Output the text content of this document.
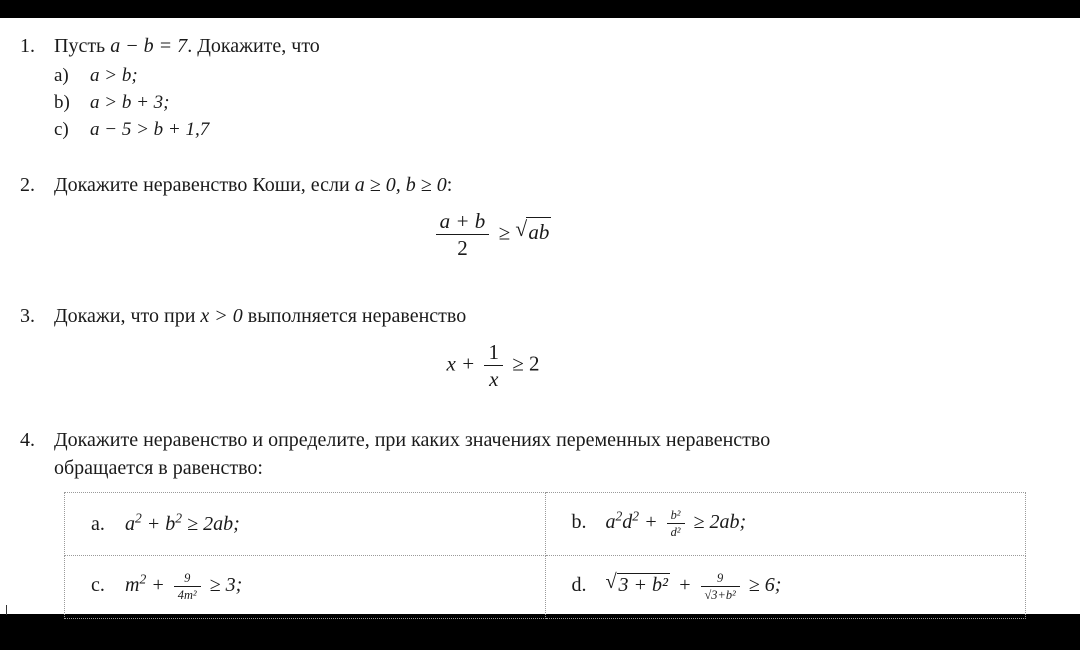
1. Пусть a − b = 7. Докажите, что
a)	a > b;
b)	a > b + 3;
c)	a − 5 > b + 1,7
2. Докажите неравенство Коши, если a ≥ 0, b ≥ 0:
$\frac{a + b}{2}$ ≥ √ ab
3. Докажи, что при x > 0 выполняется неравенство
$x + \frac{1}{x} \ge 2$
4. Докажите неравенство и определите, при каких значениях переменных неравенство
обращается в равенство:
a. $a^2 + b^2 \ge 2ab$;	b. $a^2d^2 + \frac{\text{b²}}{\text{d²}} \ge 2ab$;
c. $m^2 + \frac{9}{\text{4m²}} \ge 3$;	d. √ $3 + b^2 + \frac{9}{\text{√3+b²}} \ge 6$;
